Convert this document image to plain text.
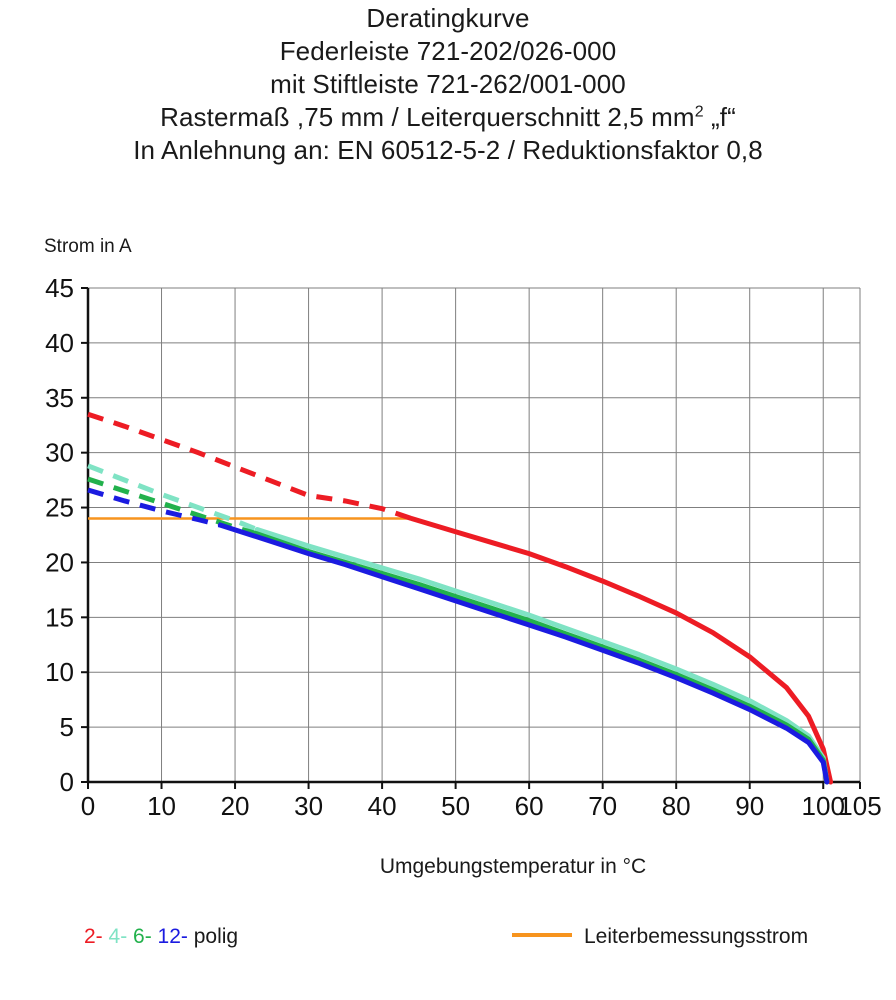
Deratingkurve
Federleiste 721-202/026-000
mit Stiftleiste 721-262/001-000
Rastermaß ,75 mm / Leiterquerschnitt 2,5 $mm^2$ „f“
In Anlehnung an: EN 60512-5-2 / Reduktionsfaktor 0,8
Strom in A
0 10 20 30 40 50 60 70 80 90 100
105
0
5
10
15
20
25
30
35
40
45
Umgebungstemperatur in °C
2- 4- 6- 12- polig	Leiterbemessungsstrom
